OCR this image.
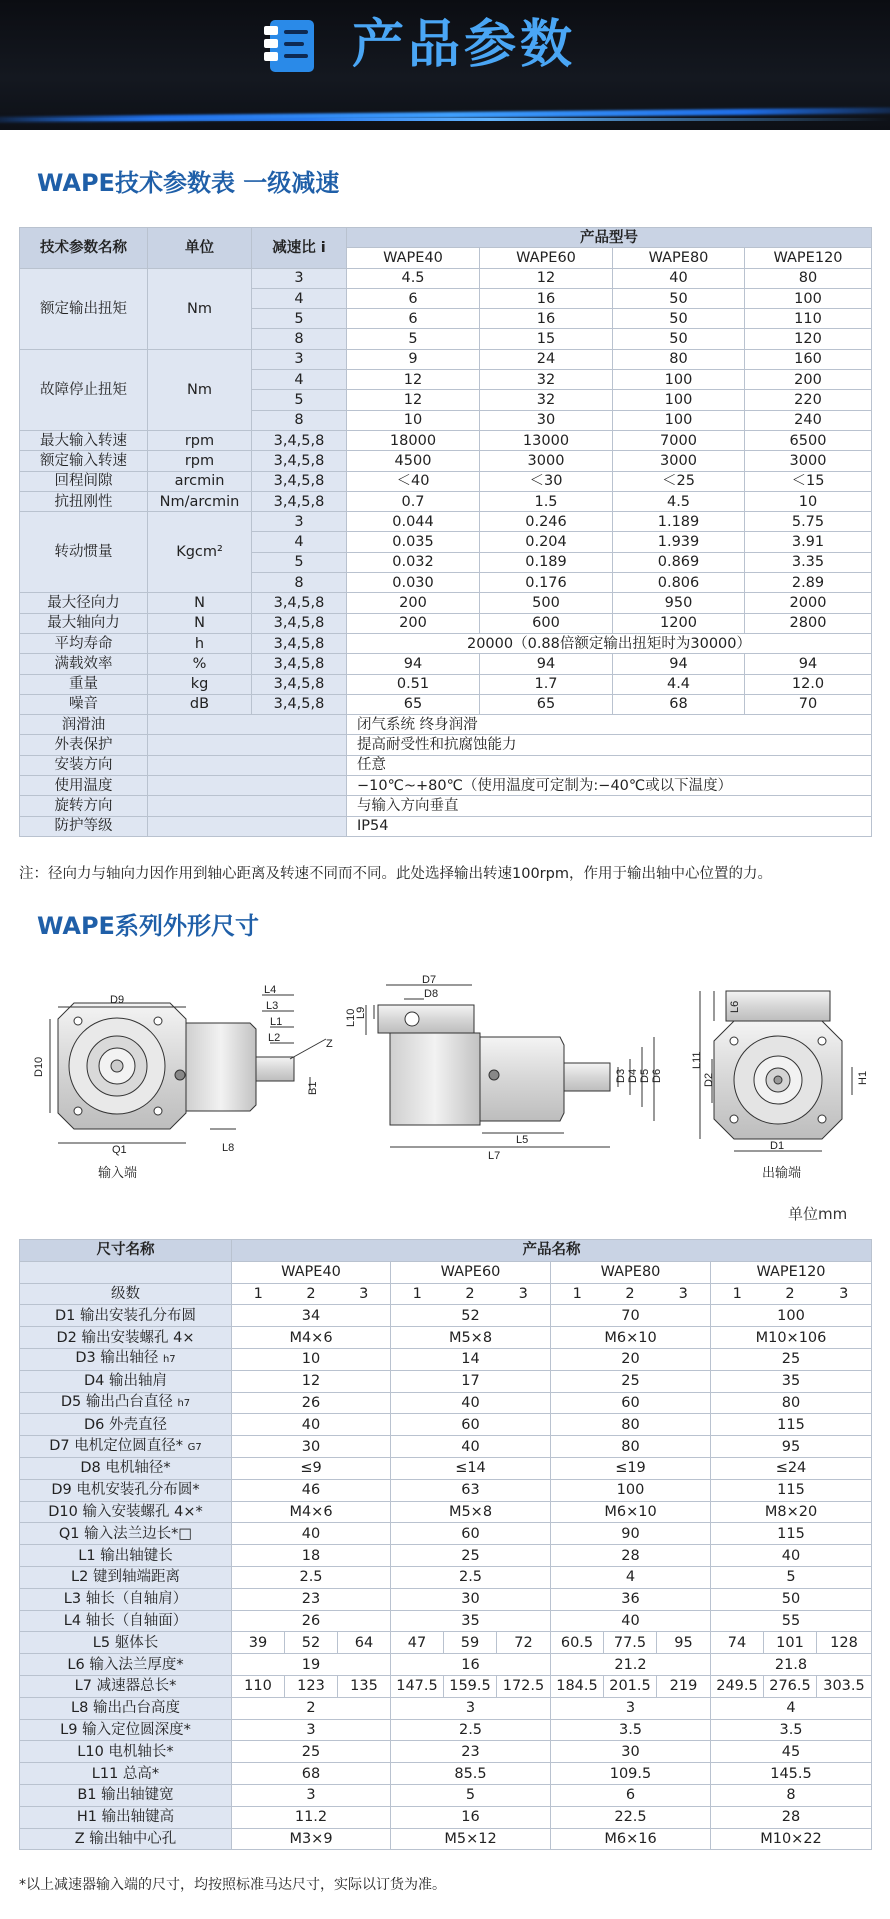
产品参数
WAPE技术参数表 一级减速
技术参数名称	单位	减速比 i	产品型号			
			WAPE40	WAPE60	WAPE80	WAPE120
额定输出扭矩	Nm	3	4.5	12	40	80
		4	6	16	50	100
		5	6	16	50	110
		8	5	15	50	120
故障停止扭矩	Nm	3	9	24	80	160
		4	12	32	100	200
		5	12	32	100	220
		8	10	30	100	240
最大输入转速	rpm	3,4,5,8	18000	13000	7000	6500
额定输入转速	rpm	3,4,5,8	4500	3000	3000	3000
回程间隙	arcmin	3,4,5,8	＜40	＜30	＜25	＜15
抗扭刚性	Nm/arcmin	3,4,5,8	0.7	1.5	4.5	10
转动惯量	Kgcm²	3	0.044	0.246	1.189	5.75
		4	0.035	0.204	1.939	3.91
		5	0.032	0.189	0.869	3.35
		8	0.030	0.176	0.806	2.89
最大径向力	N	3,4,5,8	200	500	950	2000
最大轴向力	N	3,4,5,8	200	600	1200	2800
平均寿命	h	3,4,5,8	20000（0.88倍额定输出扭矩时为30000）			
满载效率	%	3,4,5,8	94	94	94	94
重量	kg	3,4,5,8	0.51	1.7	4.4	12.0
噪音	dB	3,4,5,8	65	65	68	70
润滑油			闭气系统 终身润滑			
外表保护			提高耐受性和抗腐蚀能力			
安装方向			任意			
使用温度			−10℃~+80℃（使用温度可定制为:−40℃或以下温度）			
旋转方向			与输入方向垂直			
防护等级			IP54			
注：径向力与轴向力因作用到轴心距离及转速不同而不同。此处选择输出转速100rpm，作用于输出轴中心位置的力。
WAPE系列外形尺寸
D9
D10
Q1	L8
L4
L3
L1
L2
B1
Z
输入端
D7
D8
L10
L9
L5
L7
D3 D4 D5 D6
L6
L11
D2	H1
D1
出输端
单位mm
尺寸名称	产品名称											
	WAPE40			WAPE60			WAPE80			WAPE120		
级数	1	2	3	1	2	3	1	2	3	1	2	3
D1 输出安装孔分布圆	34			52			70			100		
D2 输出安装螺孔 4×	M4×6			M5×8			M6×10			M10×106		
D3 输出轴径 h7	10			14			20			25		
D4 输出轴肩	12			17			25			35		
D5 输出凸台直径 h7	26			40			60			80		
D6 外壳直径	40			60			80			115		
D7 电机定位圆直径* G7	30			40			80			95		
D8 电机轴径*	≤9			≤14			≤19			≤24		
D9 电机安装孔分布圆*	46			63			100			115		
D10 输入安装螺孔 4×*	M4×6			M5×8			M6×10			M8×20		
Q1 输入法兰边长*□	40			60			90			115		
L1 输出轴键长	18			25			28			40		
L2 键到轴端距离	2.5			2.5			4			5		
L3 轴长（自轴肩）	23			30			36			50		
L4 轴长（自轴面）	26			35			40			55		
L5 躯体长	39	52	64	47	59	72	60.5	77.5	95	74	101	128
L6 输入法兰厚度*	19			16			21.2			21.8		
L7 减速器总长*	110	123	135	147.5	159.5	172.5	184.5	201.5	219	249.5	276.5	303.5
L8 输出凸台高度	2			3			3			4		
L9 输入定位圆深度*	3			2.5			3.5			3.5		
L10 电机轴长*	25			23			30			45		
L11 总高*	68			85.5			109.5			145.5		
B1 输出轴键宽	3			5			6			8		
H1 输出轴键高	11.2			16			22.5			28		
Z 输出轴中心孔	M3×9			M5×12			M6×16			M10×22		
*以上减速器输入端的尺寸，均按照标准马达尺寸，实际以订货为准。
